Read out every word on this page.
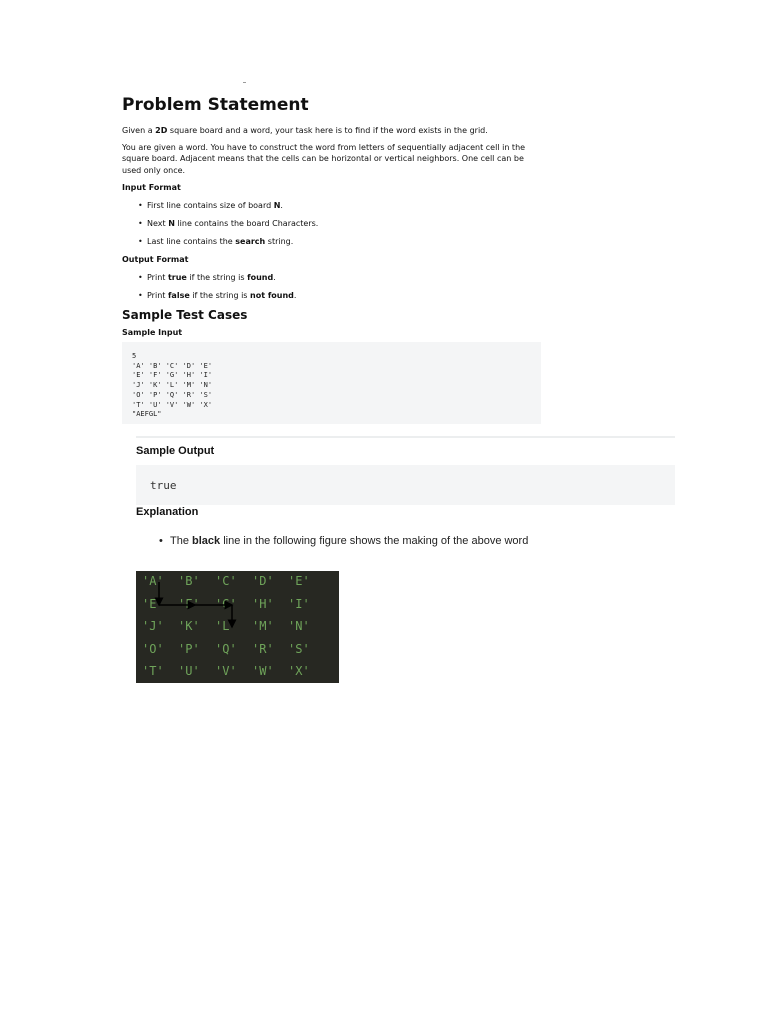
Problem Statement

Given a 2D square board and a word, your task here is to find if the word exists in the grid.

You are given a word. You have to construct the word from letters of sequentially adjacent cell in the square board. Adjacent means that the cells can be horizontal or vertical neighbors. One cell can be used only once.

Input Format
• First line contains size of board N.
• Next N line contains the board Characters.
• Last line contains the search string.
Output Format
• Print true if the string is found.
• Print false if the string is not found.
Sample Test Cases
Sample Input
5
'A' 'B' 'C' 'D' 'E'
'E' 'F' 'G' 'H' 'I'
'J' 'K' 'L' 'M' 'N'
'O' 'P' 'Q' 'R' 'S'
'T' 'U' 'V' 'W' 'X'
"AEFGL"
Sample Output
true
Explanation
• The black line in the following figure shows the making of the above word
'A' 'B' 'C' 'D' 'E'
'E' 'F' 'G' 'H' 'I'
'J' 'K' 'L' 'M' 'N'
'O' 'P' 'Q' 'R' 'S'
'T' 'U' 'V' 'W' 'X'
